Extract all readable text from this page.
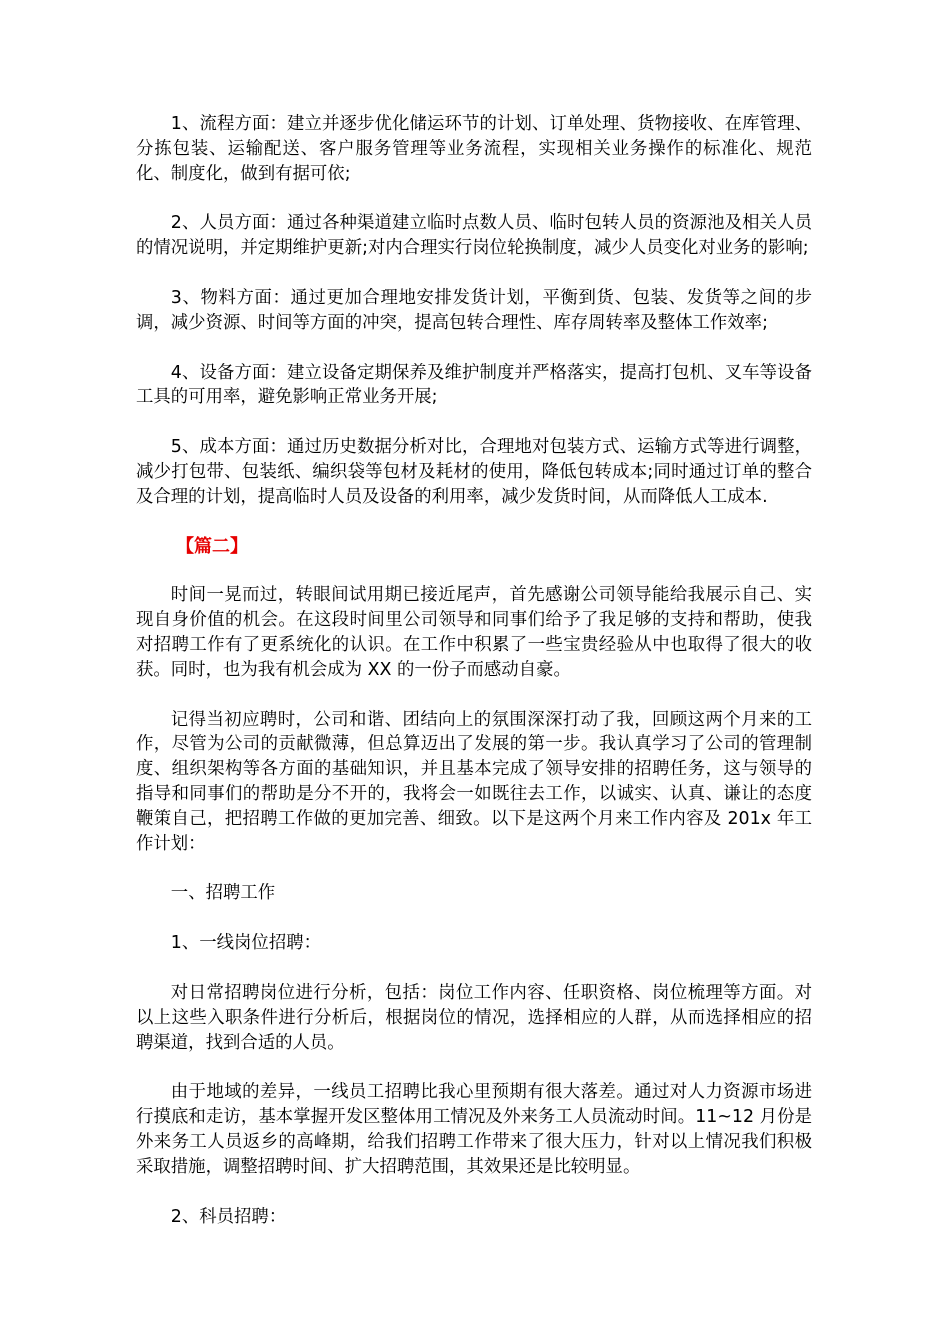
1、流程方面：建立并逐步优化储运环节的计划、订单处理、货物接收、在库管理、分拣包装、运输配送、客户服务管理等业务流程，实现相关业务操作的标准化、规范化、制度化，做到有据可依;

2、人员方面：通过各种渠道建立临时点数人员、临时包转人员的资源池及相关人员的情况说明，并定期维护更新;对内合理实行岗位轮换制度，减少人员变化对业务的影响;

3、物料方面：通过更加合理地安排发货计划，平衡到货、包装、发货等之间的步调，减少资源、时间等方面的冲突，提高包转合理性、库存周转率及整体工作效率;

4、设备方面：建立设备定期保养及维护制度并严格落实，提高打包机、叉车等设备工具的可用率，避免影响正常业务开展;

5、成本方面：通过历史数据分析对比，合理地对包装方式、运输方式等进行调整，减少打包带、包装纸、编织袋等包材及耗材的使用，降低包转成本;同时通过订单的整合及合理的计划，提高临时人员及设备的利用率，减少发货时间，从而降低人工成本.

【篇二】

时间一晃而过，转眼间试用期已接近尾声，首先感谢公司领导能给我展示自己、实现自身价值的机会。在这段时间里公司领导和同事们给予了我足够的支持和帮助，使我对招聘工作有了更系统化的认识。在工作中积累了一些宝贵经验从中也取得了很大的收获。同时，也为我有机会成为 XX 的一份子而感动自豪。

记得当初应聘时，公司和谐、团结向上的氛围深深打动了我，回顾这两个月来的工作，尽管为公司的贡献微薄，但总算迈出了发展的第一步。我认真学习了公司的管理制度、组织架构等各方面的基础知识，并且基本完成了领导安排的招聘任务，这与领导的指导和同事们的帮助是分不开的，我将会一如既往去工作，以诚实、认真、谦让的态度鞭策自己，把招聘工作做的更加完善、细致。以下是这两个月来工作内容及 201x 年工作计划：

一、招聘工作

1、一线岗位招聘：

对日常招聘岗位进行分析，包括：岗位工作内容、任职资格、岗位梳理等方面。对以上这些入职条件进行分析后，根据岗位的情况，选择相应的人群，从而选择相应的招聘渠道，找到合适的人员。

由于地域的差异，一线员工招聘比我心里预期有很大落差。通过对人力资源市场进行摸底和走访，基本掌握开发区整体用工情况及外来务工人员流动时间。11~12 月份是外来务工人员返乡的高峰期，给我们招聘工作带来了很大压力，针对以上情况我们积极采取措施，调整招聘时间、扩大招聘范围，其效果还是比较明显。

2、科员招聘：
